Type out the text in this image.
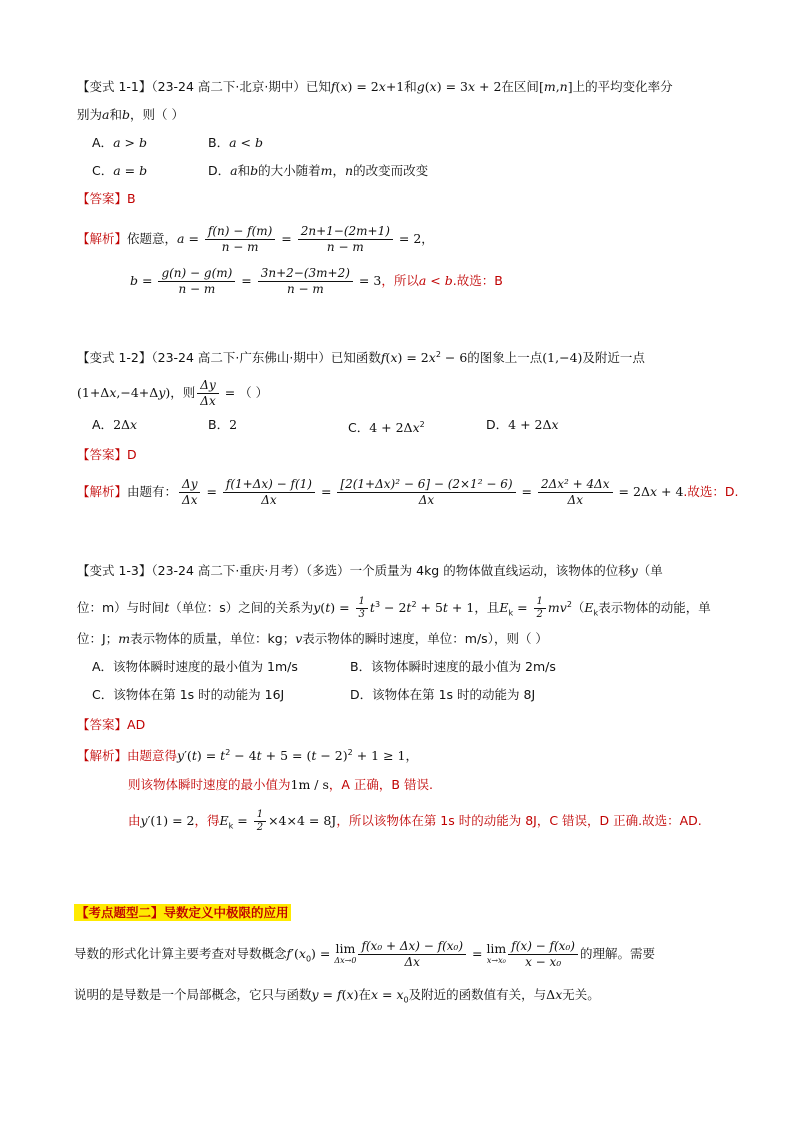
【变式 1-1】（23-24 高二下·北京·期中）已知f(x) = 2x+1和g(x) = 3x + 2在区间[m,n]上的平均变化率分
别为a和b，则（ ）
A．a > b	B．a < b
C．a = b	D．a和b的大小随着m，n的改变而改变
【答案】B
【解析】依题意，$a = \frac{f(n) - f(m)}{n - m} = \frac{2n+1-(2m+1)}{n - m} = 2$，
$b = \frac{g(n) - g(m)}{n - m} = \frac{3n+2-(3m+2)}{n - m} = 3$，所以a < b.故选：B
【变式 1-2】（23-24 高二下·广东佛山·期中）已知函数$f(x) = 2x^2 - 6$的图象上一点(1,−4)及附近一点
(1+Δx,−4+Δy)，则 $\frac{\Delta y}{\Delta x}$ = （ ）
A．2Δx	B．2	C．$4 + 2\Delta x^2$	D．4 + 2Δx
【答案】D
【解析】由题有： $\frac{\Delta y}{\Delta x} = \frac{f(1+\Delta x) - f(1)}{\Delta x} = \frac{\text{[2(1+Δx)² − 6] − (2×1² − 6)}}{\Delta x} = \frac{\text{2Δx² + 4Δx}}{\Delta x} = 2\Delta x + 4$.故选：D.
【变式 1-3】（23-24 高二下·重庆·月考）（多选）一个质量为 4kg 的物体做直线运动，该物体的位移y（单
位：m）与时间t（单位：s）之间的关系为$y(t) = \frac{1}{3} t^3 - 2t^2 + 5t + 1$，且$E_k = \frac{1}{2} mv^2(E_k$表示物体的动能，单
位：J；m表示物体的质量，单位：kg；v表示物体的瞬时速度，单位：m/s），则（ ）
A．该物体瞬时速度的最小值为 1m/s	B．该物体瞬时速度的最小值为 2m/s
C．该物体在第 1s 时的动能为 16J	D．该物体在第 1s 时的动能为 8J
【答案】AD
【解析】由题意得$y'(t) = t^2 - 4t + 5 = (t - 2)^2 + 1 \ge 1$，
则该物体瞬时速度的最小值为1m / s，A 正确，B 错误.
由y′(1) = 2，得$E_k = \frac{1}{2} \times 4\times 4 = 8J$，所以该物体在第 1s 时的动能为 8J，C 错误，D 正确.故选：AD.
【考点题型二】导数定义中极限的应用
导数的形式化计算主要考查对导数概念$f'(x_0) = \lim$
$\Delta x\to 0 \frac{\text{f(x₀ + Δx) − f(x₀)}}{\Delta x} = \lim$
$x\to x_0 \frac{\text{f(x) − f(x₀)}}{\text{x − x₀}}$ 的理解。需要
说明的是导数是一个局部概念，它只与函数y = f(x)在$x = x_0$及附近的函数值有关，与Δx无关。
